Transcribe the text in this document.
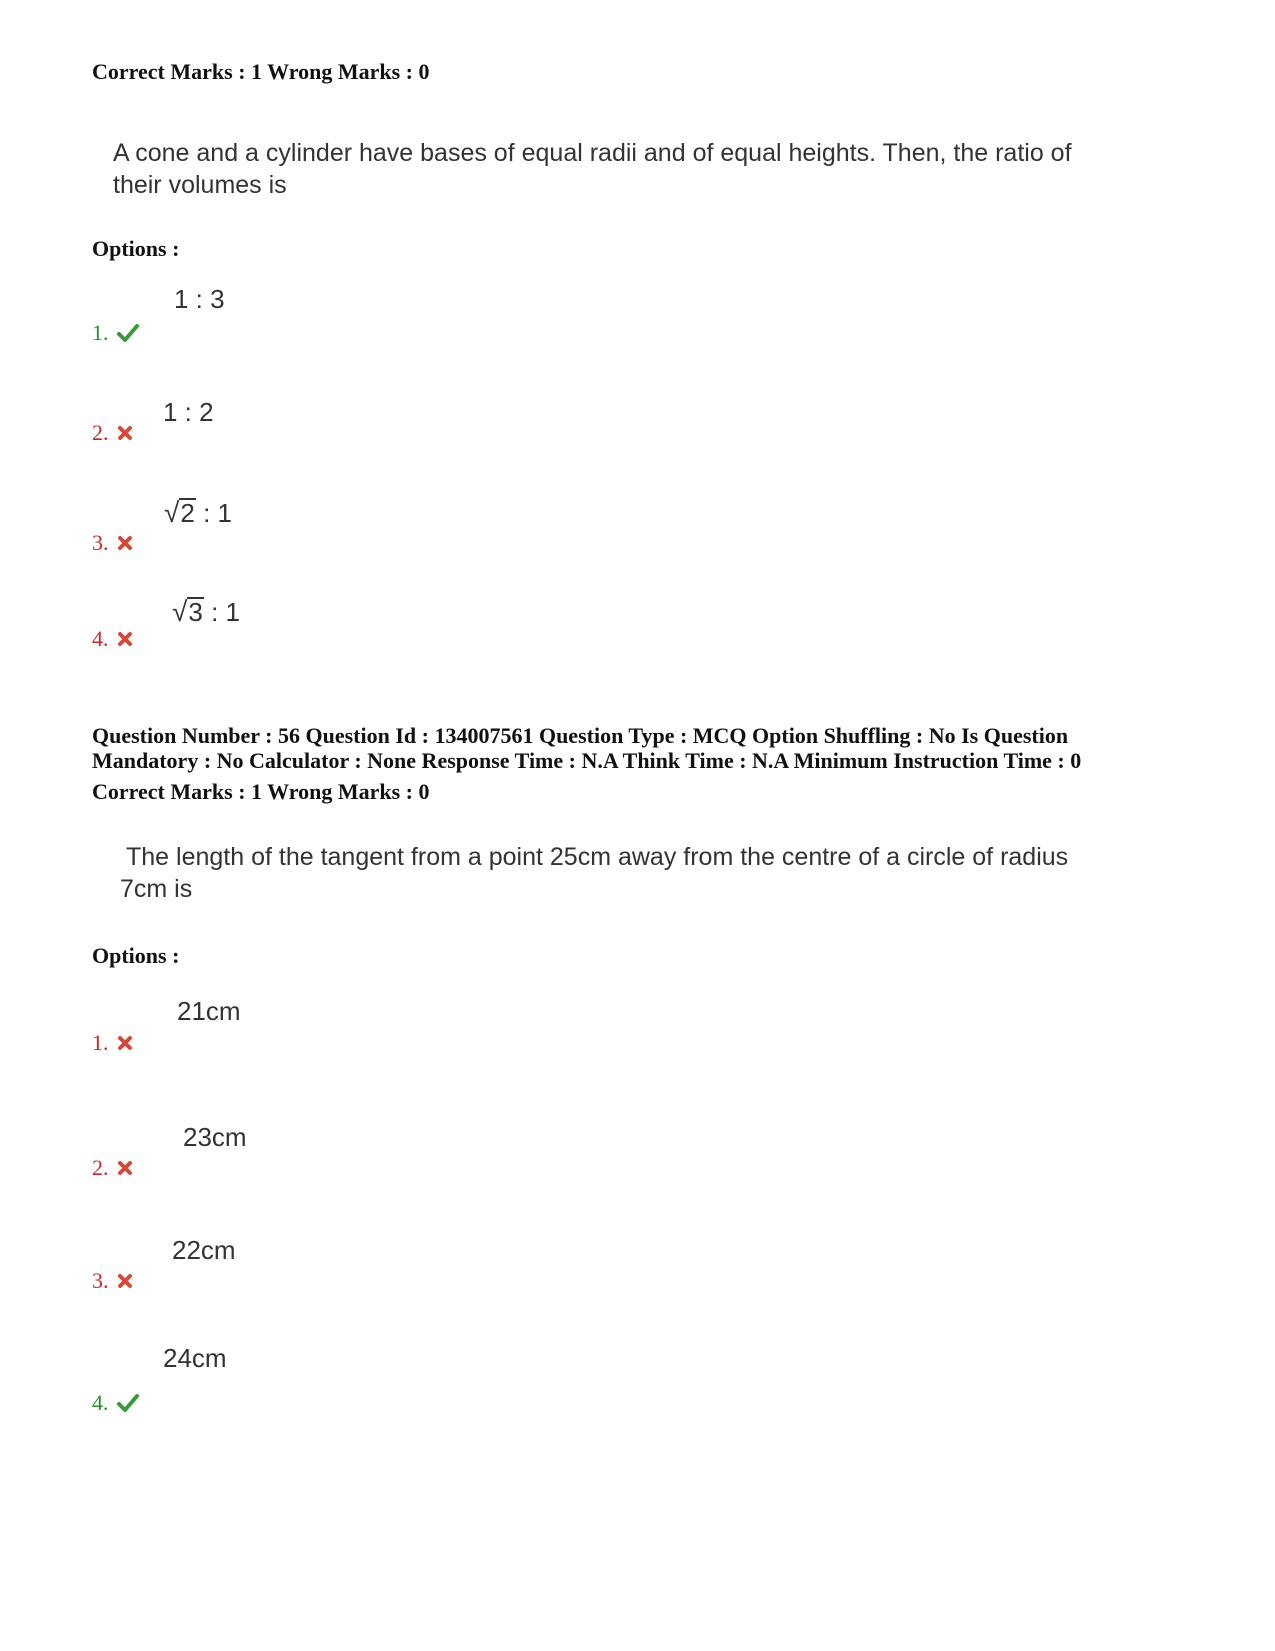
Correct Marks : 1 Wrong Marks : 0
A cone and a cylinder have bases of equal radii and of equal heights. Then, the ratio of their volumes is
Options :
1 : 3
1.
1 : 2
2.
√ 2 : 1
3.
√ 3 : 1
4.
Question Number : 56 Question Id : 134007561 Question Type : MCQ Option Shuffling : No Is Question
Mandatory : No Calculator : None Response Time : N.A Think Time : N.A Minimum Instruction Time : 0
Correct Marks : 1 Wrong Marks : 0
The length of the tangent from a point 25cm away from the centre of a circle of radius 7cm is
Options :
21cm
1.
23cm
2.
22cm
3.
24cm
4.
